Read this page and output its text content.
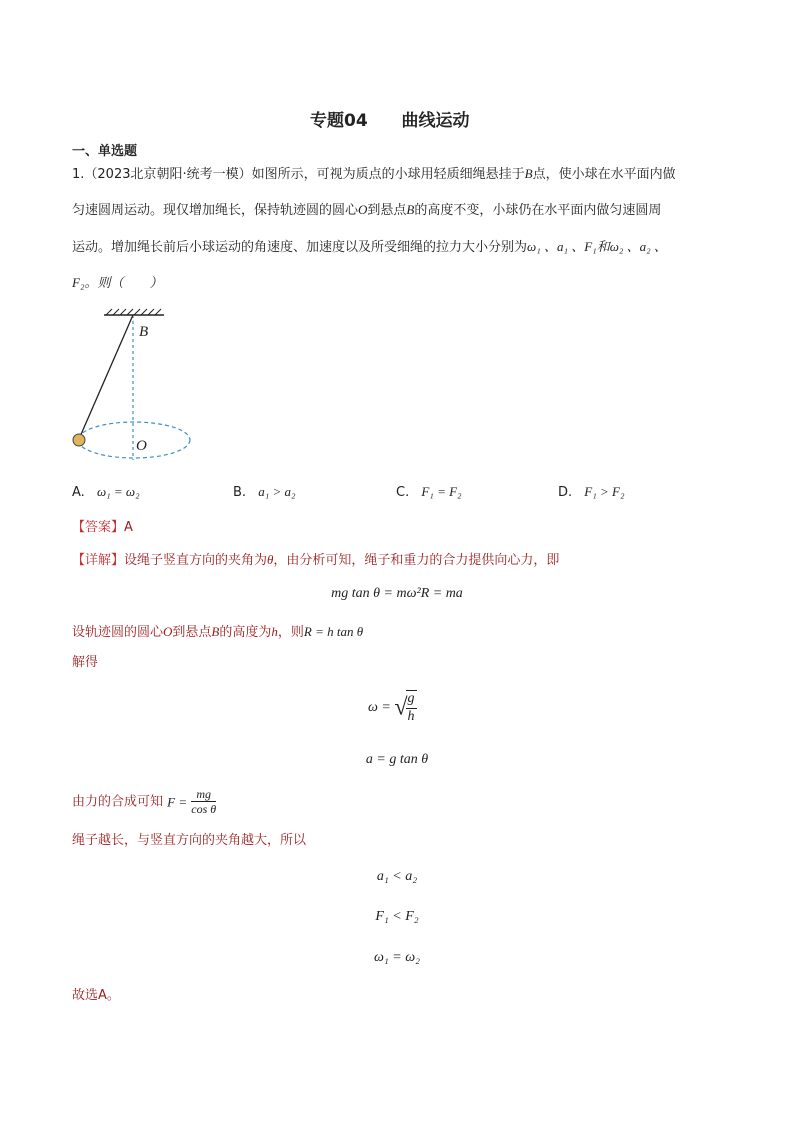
专题04 曲线运动
一、单选题
1.（2023北京朝阳·统考一模）如图所示，可视为质点的小球用轻质细绳悬挂于B点，使小球在水平面内做
匀速圆周运动。现仅增加绳长，保持轨迹圆的圆心O到悬点B的高度不变，小球仍在水平面内做匀速圆周
运动。增加绳长前后小球运动的角速度、加速度以及所受细绳的拉力大小分别为ω₁ 、a₁ 、F₁和ω₂ 、a₂ 、
F₂。则（　　）
B
O
A. ω₁ = ω₂	B. a₁ > a₂	C. F₁ = F₂	D. F₁ > F₂
【答案】A
【详解】设绳子竖直方向的夹角为θ，由分析可知，绳子和重力的合力提供向心力，即
mg tan θ = mω²R = ma
设轨迹圆的圆心O到悬点B的高度为h，则R = h tan θ
解得
ω = √
$\frac{g}{h}$
a = g tan θ
由力的合成可知 $F = \frac{mg}{\text{cos θ}}$
绳子越长，与竖直方向的夹角越大，所以
a₁ < a₂
F₁ < F₂
ω₁ = ω₂
故选A。
